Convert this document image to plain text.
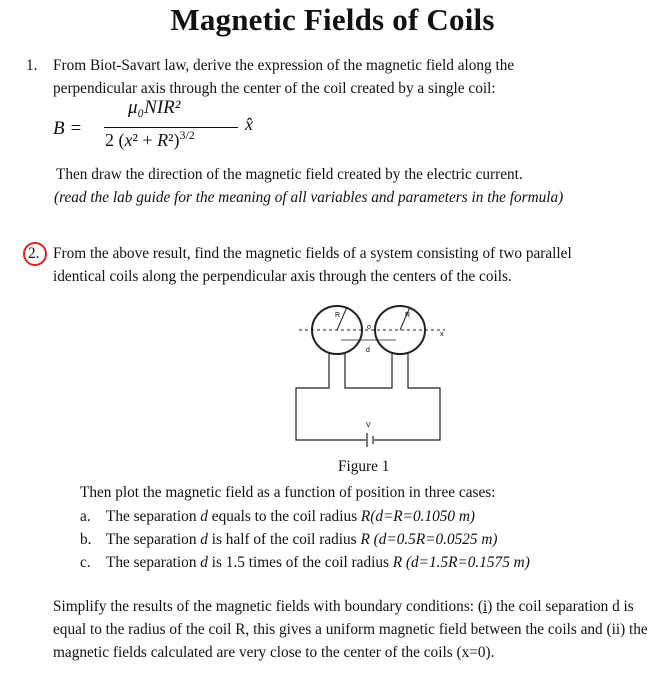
Magnetic Fields of Coils
1. From Biot-Savart law, derive the expression of the magnetic field along the
perpendicular axis through the center of the coil created by a single coil:
B =
μ₀NIR²
2 $(x^2 + R^2)^{3/2}$
x̂
Then draw the direction of the magnetic field created by the electric current.
(read the lab guide for the meaning of all variables and parameters in the formula)
2. From the above result, find the magnetic fields of a system consisting of two parallel
identical coils along the perpendicular axis through the centers of the coils.
R	R
o
d
x
V
Figure 1
Then plot the magnetic field as a function of position in three cases:
a. The separation d equals to the coil radius R(d=R=0.1050 m)
b. The separation d is half of the coil radius R (d=0.5R=0.0525 m)
c. The separation d is 1.5 times of the coil radius R (d=1.5R=0.1575 m)
Simplify the results of the magnetic fields with boundary conditions: (i) the coil separation d is equal to the radius of the coil R, this gives a uniform magnetic field between the coils and (ii) the magnetic fields calculated are very close to the center of the coils (x=0).
